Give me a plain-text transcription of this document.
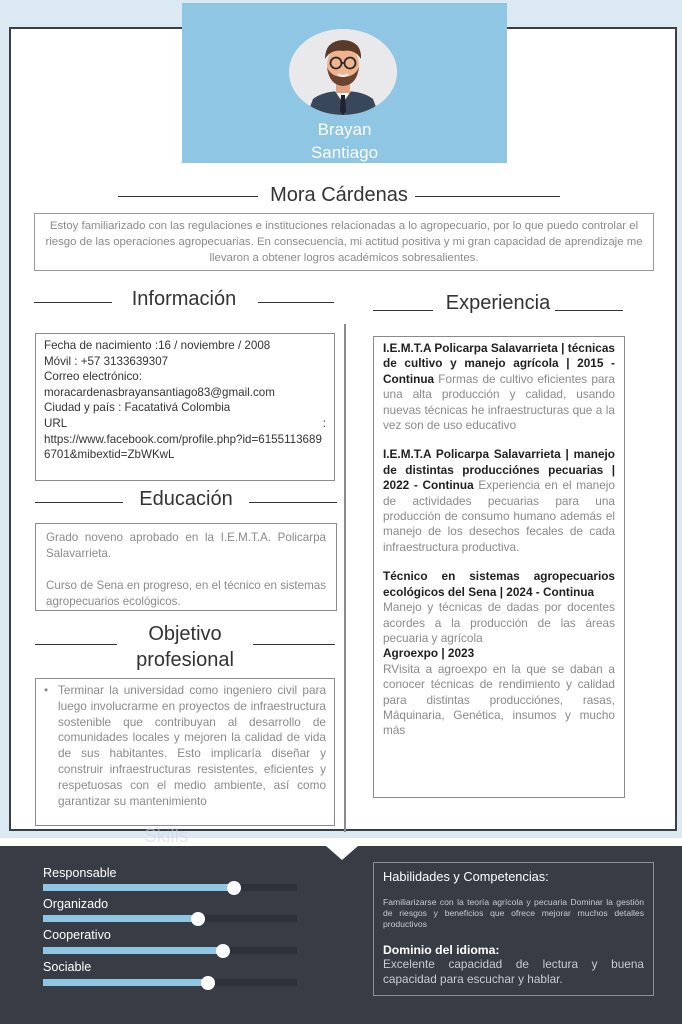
Brayan
Santiago
Mora Cárdenas
Estoy familiarizado con las regulaciones e instituciones relacionadas a lo agropecuario, por lo que puedo controlar el riesgo de las operaciones agropecuarias. En consecuencia, mi actitud positiva y mi gran capacidad de aprendizaje me llevaron a obtener logros académicos sobresalientes.
Información
Fecha de nacimiento :16 / noviembre / 2008
Móvil : +57 3133639307
Correo electrónico:
moracardenasbrayansantiago83@gmail.com
Ciudad y país : Facatativá Colombia
URL	:
https://www.facebook.com/profile.php?id=61551136896701&mibextid=ZbWKwL
Educación

Grado noveno aprobado en la I.E.M.T.A. Policarpa Salavarrieta.

Curso de Sena en progreso, en el técnico en sistemas agropecuarios ecológicos.

Objetivo
profesional
• Terminar la universidad como ingeniero civil para luego involucrarme en proyectos de infraestructura sostenible que contribuyan al desarrollo de comunidades locales y mejoren la calidad de vida de sus habitantes. Esto implicaría diseñar y construir infraestructuras resistentes, eficientes y respetuosas con el medio ambiente, así como garantizar su mantenimiento
Experiencia
I.E.M.T.A Policarpa Salavarrieta | técnicas de cultivo y manejo agrícola | 2015 - Continua Formas de cultivo eficientes para una alta producción y calidad, usando nuevas técnicas he infraestructuras que a la vez son de uso educativo
I.E.M.T.A Policarpa Salavarrieta | manejo de distintas producciónes pecuarias | 2022 - Continua Experiencia en el manejo de actividades pecuarias para una producción de consumo humano además el manejo de los desechos fecales de cada infraestructura productiva.
Técnico en sistemas agropecuarios ecológicos del Sena | 2024 - Continua
Manejo y técnicas de dadas por docentes acordes a la producción de las áreas pecuaria y agrícola
Agroexpo | 2023
RVisita a agroexpo en la que se daban a conocer técnicas de rendimiento y calidad para distintas producciónes, rasas, Máquinaria, Genética, insumos y mucho más
Skills
Responsable
Organizado
Cooperativo
Sociable
Habilidades y Competencias:
Familiarizarse con la teoría agrícola y pecuaria Dominar la gestión de riesgos y beneficios que ofrece mejorar muchos detalles productivos
Dominio del idioma:
Excelente capacidad de lectura y buena capacidad para escuchar y hablar.
